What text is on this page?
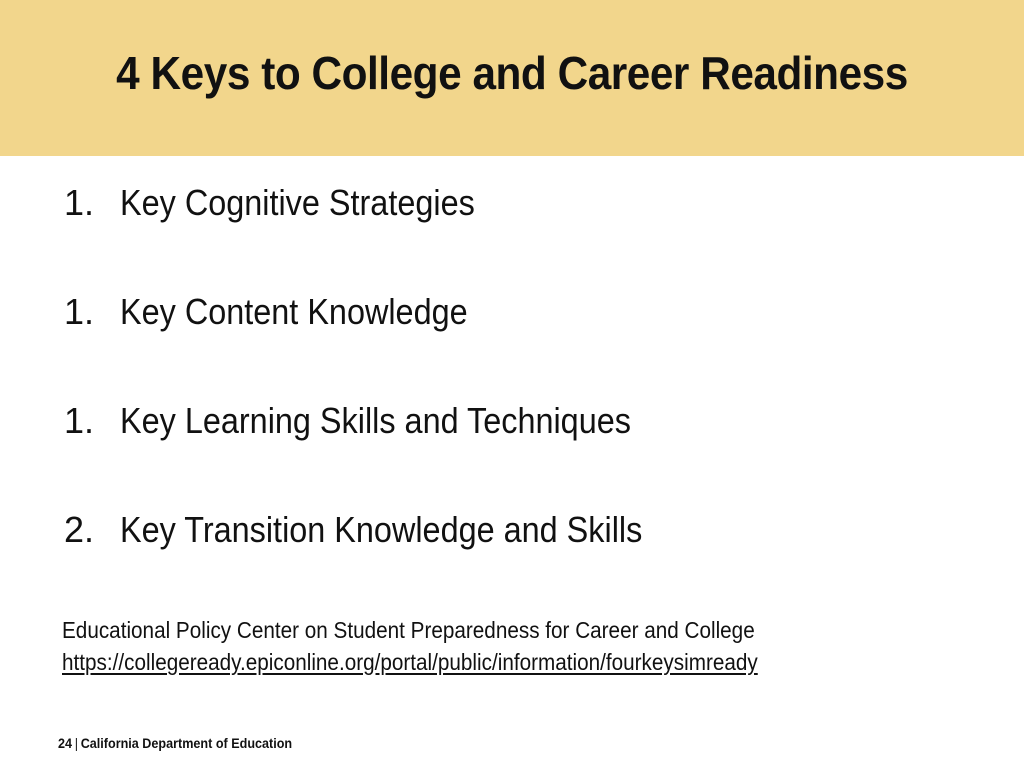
4 Keys to College and Career Readiness
1. Key Cognitive Strategies
1. Key Content Knowledge
1. Key Learning Skills and Techniques
2. Key Transition Knowledge and Skills
Educational Policy Center on Student Preparedness for Career and College
https://collegeready.epiconline.org/portal/public/information/fourkeysimready
24 | California Department of Education
